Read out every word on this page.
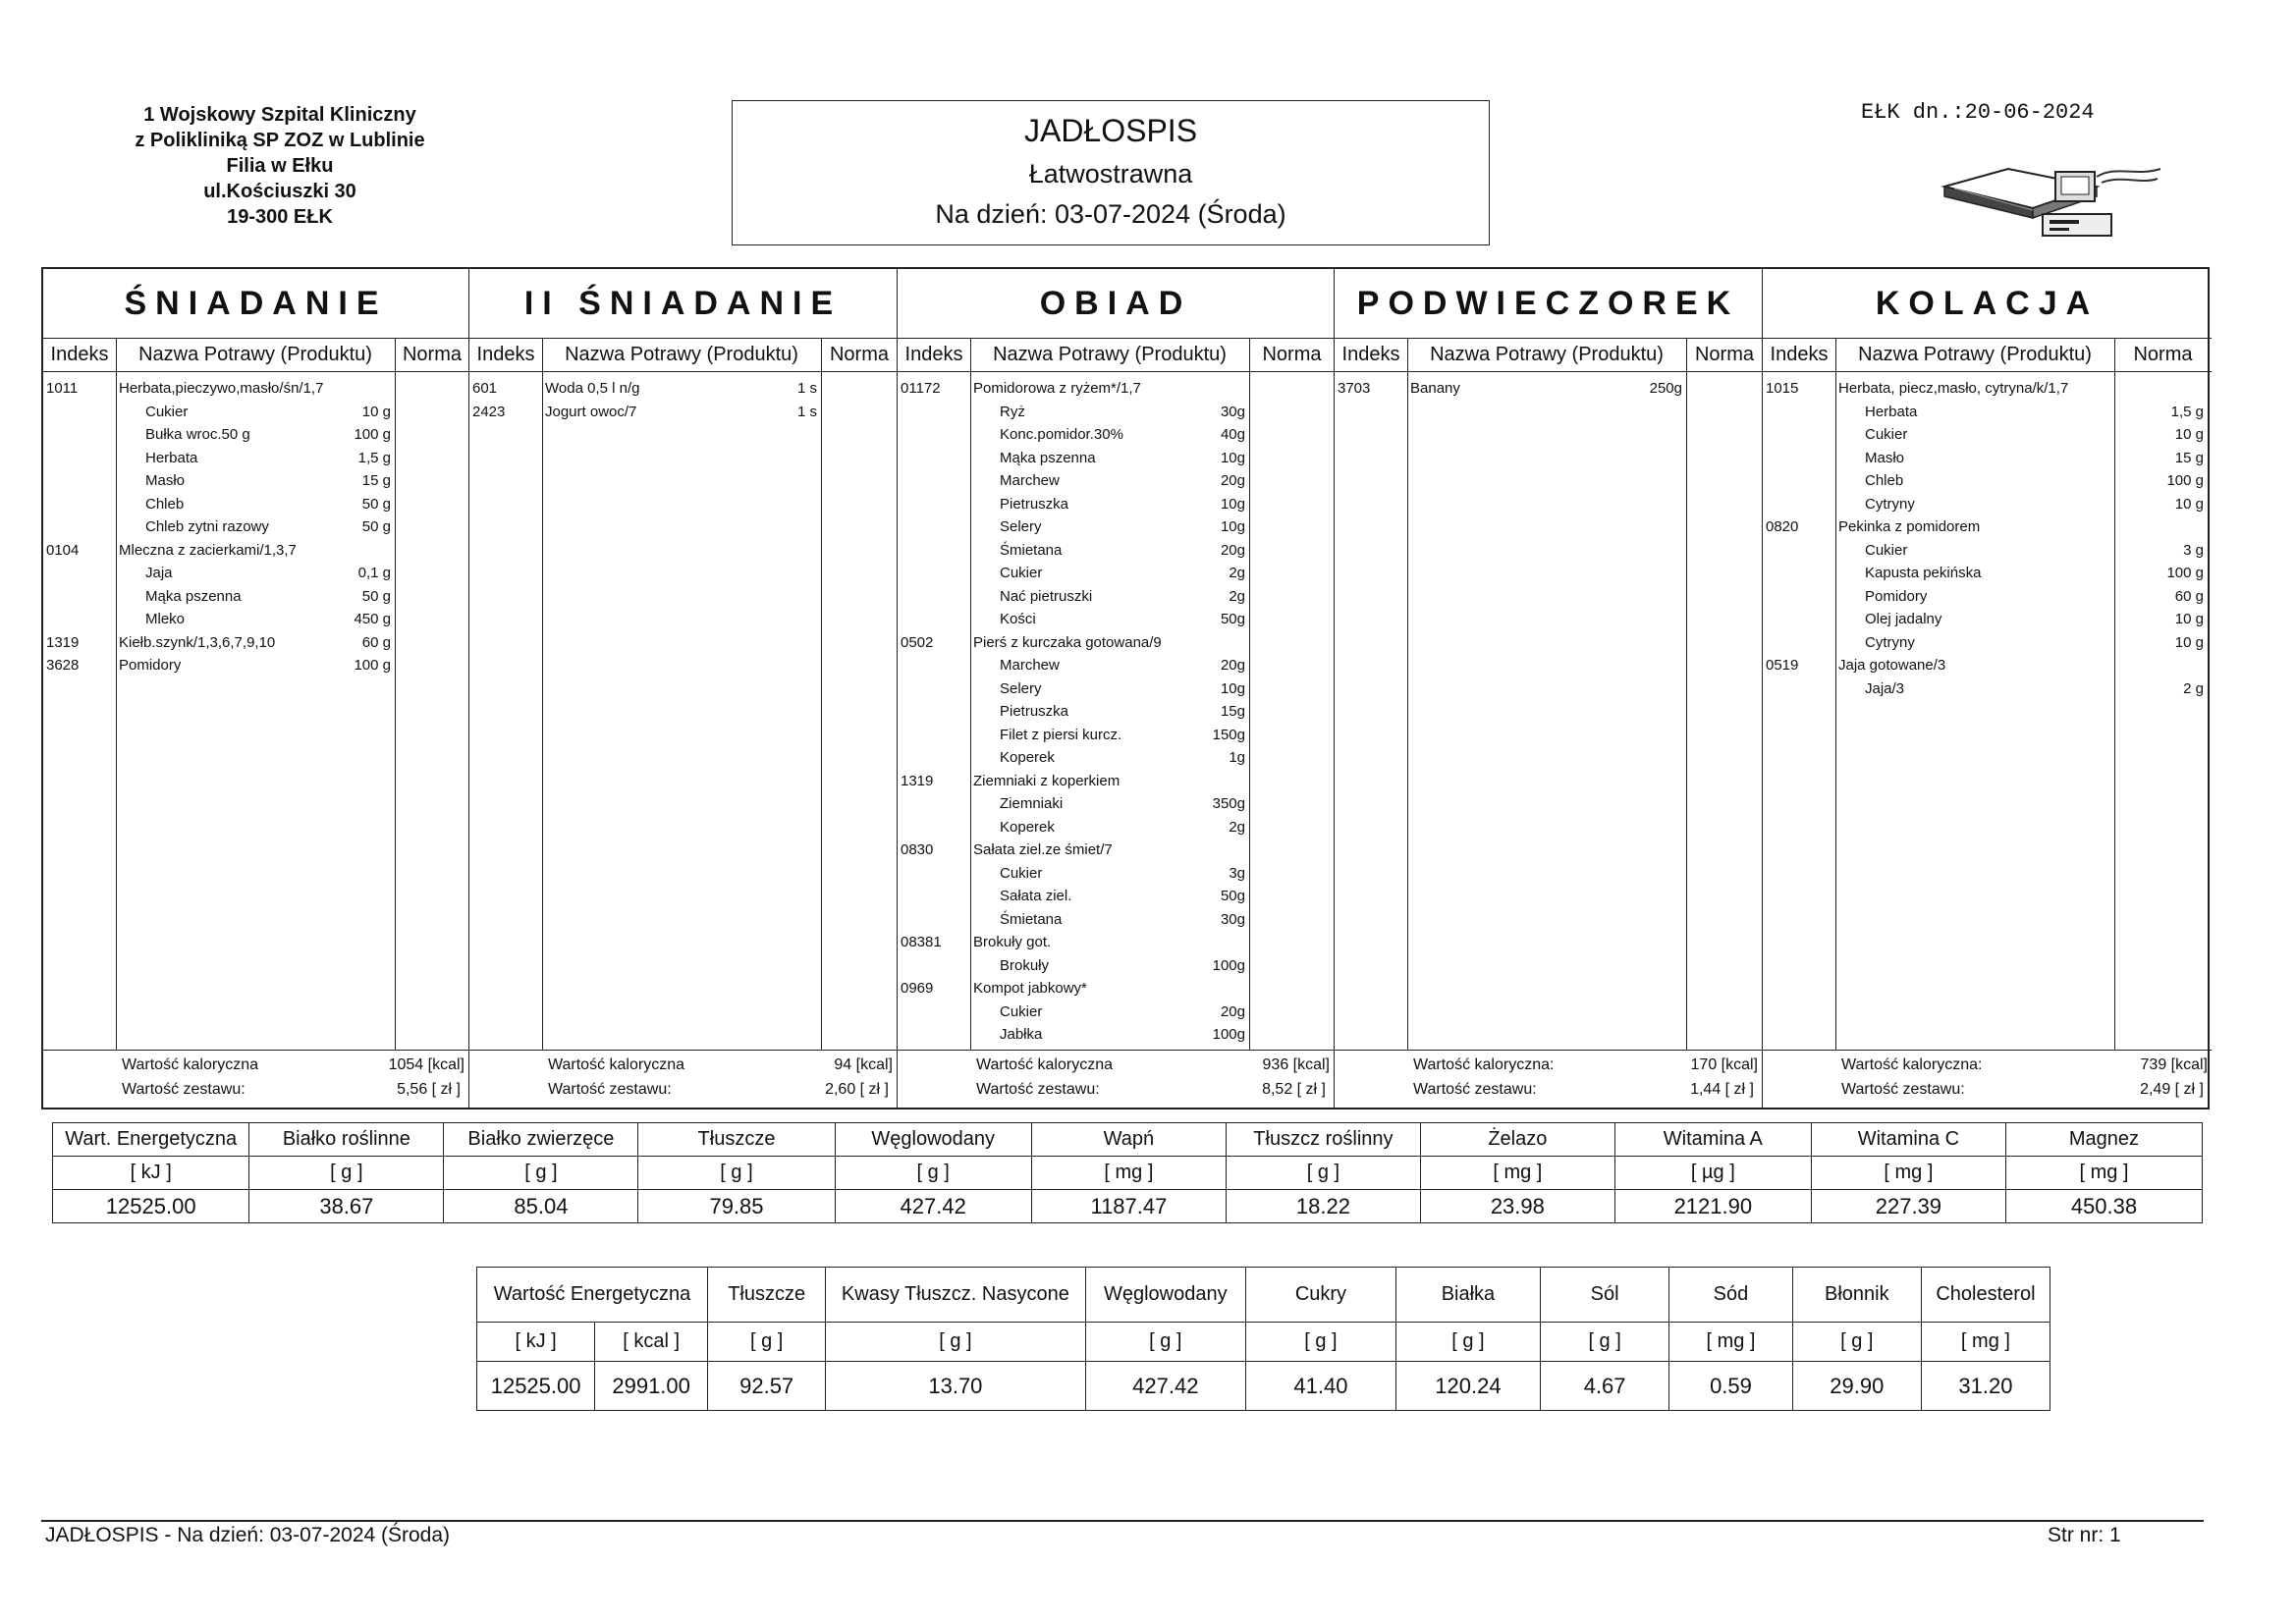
1 Wojskowy Szpital Kliniczny
z Polikliniką SP ZOZ w Lublinie
Filia w Ełku
ul.Kościuszki 30
19-300 EŁK
JADŁOSPIS
Łatwostrawna
Na dzień: 03-07-2024 (Środa)
EŁK dn.:20-06-2024
ŚNIADANIE
Indeks	Nazwa Potrawy (Produktu)	Norma
1011	Herbata,pieczywo,masło/śn/1,7
Cukier	10 g
Bułka wroc.50 g	100 g
Herbata	1,5 g
Masło	15 g
Chleb	50 g
Chleb zytni razowy	50 g
0104	Mleczna z zacierkami/1,3,7
Jaja	0,1 g
Mąka pszenna	50 g
Mleko	450 g
1319	Kiełb.szynk/1,3,6,7,9,10	60 g
3628	Pomidory	100 g
Wartość kaloryczna	1054 [kcal]
Wartość zestawu:	5,56 [ zł ]
II ŚNIADANIE
Indeks	Nazwa Potrawy (Produktu)	Norma
601	Woda 0,5 l n/g	1 s
2423	Jogurt owoc/7	1 s
Wartość kaloryczna	94 [kcal]
Wartość zestawu:	2,60 [ zł ]
OBIAD
Indeks	Nazwa Potrawy (Produktu)	Norma
01172 Pomidorowa z ryżem*/1,7
Ryż	30g
Konc.pomidor.30%	40g
Mąka pszenna	10g
Marchew	20g
Pietruszka	10g
Selery	10g
Śmietana	20g
Cukier	2g
Nać pietruszki	2g
Kości	50g
0502	Pierś z kurczaka gotowana/9
Marchew	20g
Selery	10g
Pietruszka	15g
Filet z piersi kurcz.	150g
Koperek	1g
1319	Ziemniaki z koperkiem
Ziemniaki	350g
Koperek	2g
0830	Sałata ziel.ze śmiet/7
Cukier	3g
Sałata ziel.	50g
Śmietana	30g
08381 Brokuły got.
Brokuły	100g
0969	Kompot jabkowy*
Cukier	20g
Jabłka	100g
Wartość kaloryczna	936 [kcal]
Wartość zestawu:	8,52 [ zł ]
PODWIECZOREK
Indeks	Nazwa Potrawy (Produktu)	Norma
3703	Banany	250g
Wartość kaloryczna:	170 [kcal]
Wartość zestawu:	1,44 [ zł ]
KOLACJA
Indeks	Nazwa Potrawy (Produktu)	Norma
1015	Herbata, piecz,masło, cytryna/k/1,7
Herbata	1,5 g
Cukier	10 g
Masło	15 g
Chleb	100 g
Cytryny	10 g
0820	Pekinka z pomidorem
Cukier	3 g
Kapusta pekińska	100 g
Pomidory	60 g
Olej jadalny	10 g
Cytryny	10 g
0519	Jaja gotowane/3
Jaja/3	2 g
Wartość kaloryczna:	739 [kcal]
Wartość zestawu:	2,49 [ zł ]
Wart. Energetyczna	Białko roślinne	Białko zwierzęce	Tłuszcze	Węglowodany	Wapń	Tłuszcz roślinny	Żelazo	Witamina A	Witamina C	Magnez
[ kJ ]	[ g ]	[ g ]	[ g ]	[ g ]	[ mg ]	[ g ]	[ mg ]	[ µg ]	[ mg ]	[ mg ]
12525.00	38.67	85.04	79.85	427.42	1187.47	18.22	23.98	2121.90	227.39	450.38
Wartość Energetyczna		Tłuszcze	Kwasy Tłuszcz. Nasycone	Węglowodany	Cukry	Białka	Sól	Sód	Błonnik	Cholesterol
[ kJ ]	[ kcal ]	[ g ]	[ g ]	[ g ]	[ g ]	[ g ]	[ g ]	[ mg ]	[ g ]	[ mg ]
12525.00	2991.00	92.57	13.70	427.42	41.40	120.24	4.67	0.59	29.90	31.20
JADŁOSPIS - Na dzień: 03-07-2024 (Środa)	Str nr: 1
